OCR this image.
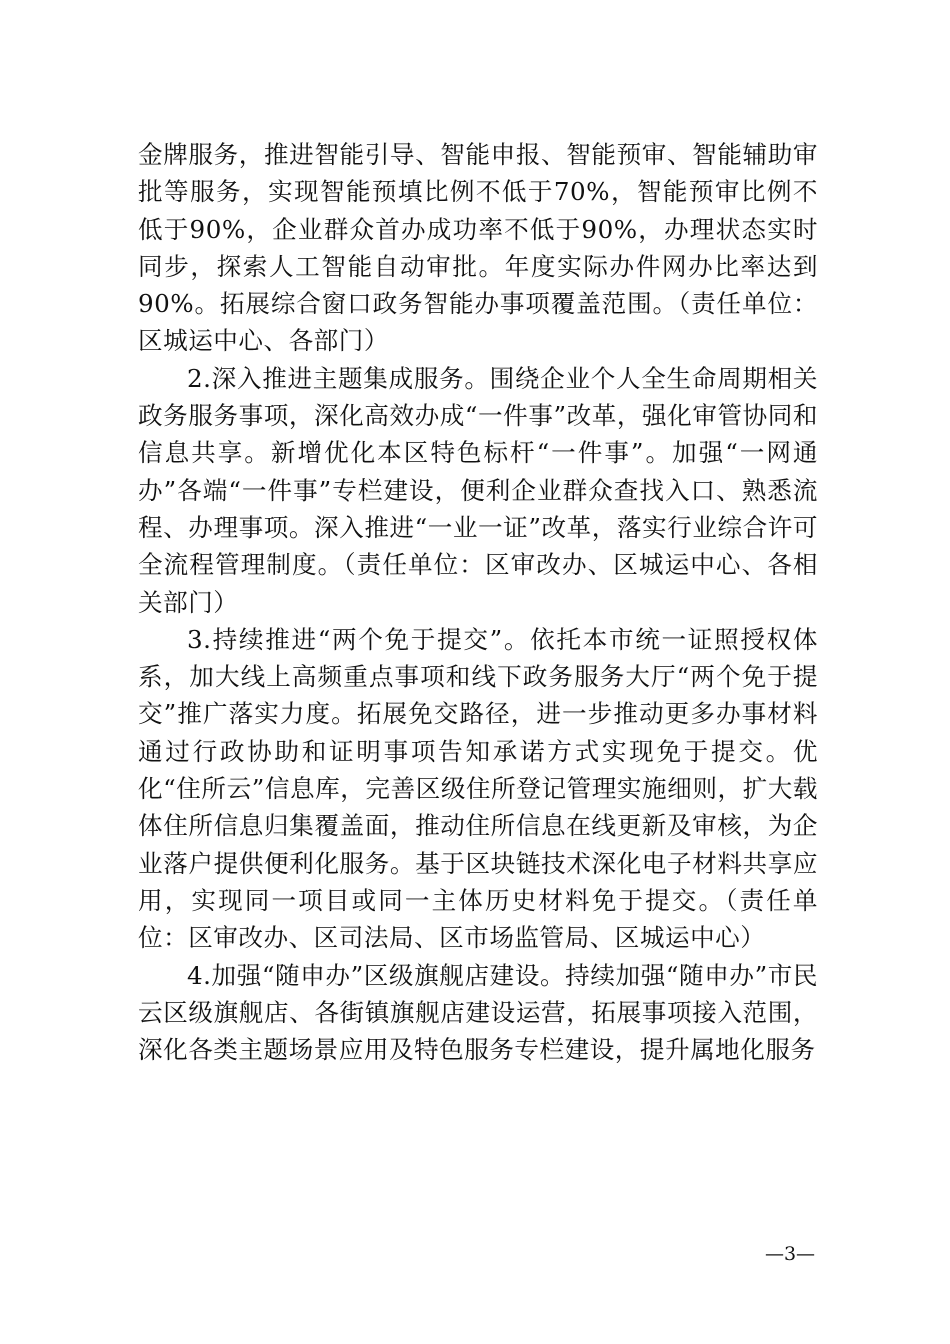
金牌服务，推进智能引导、智能申报、智能预审、智能辅助审批等服务，实现智能预填比例不低于70%，智能预审比例不低于90%，企业群众首办成功率不低于90%，办理状态实时同步，探索人工智能自动审批。年度实际办件网办比率达到90%。拓展综合窗口政务智能办事项覆盖范围。（责任单位：区城运中心、各部门）

2.深入推进主题集成服务。围绕企业个人全生命周期相关政务服务事项，深化高效办成“一件事”改革，强化审管协同和信息共享。新增优化本区特色标杆“一件事”。加强“一网通办”各端“一件事”专栏建设，便利企业群众查找入口、熟悉流程、办理事项。深入推进“一业一证”改革，落实行业综合许可全流程管理制度。（责任单位：区审改办、区城运中心、各相关部门）

3.持续推进“两个免于提交”。依托本市统一证照授权体系，加大线上高频重点事项和线下政务服务大厅“两个免于提交”推广落实力度。拓展免交路径，进一步推动更多办事材料通过行政协助和证明事项告知承诺方式实现免于提交。优化“住所云”信息库，完善区级住所登记管理实施细则，扩大载体住所信息归集覆盖面，推动住所信息在线更新及审核，为企业落户提供便利化服务。基于区块链技术深化电子材料共享应用，实现同一项目或同一主体历史材料免于提交。（责任单位：区审改办、区司法局、区市场监管局、区城运中心）

4.加强“随申办”区级旗舰店建设。持续加强“随申办”市民云区级旗舰店、各街镇旗舰店建设运营，拓展事项接入范围，深化各类主题场景应用及特色服务专栏建设，提升属地化服务

—3—
